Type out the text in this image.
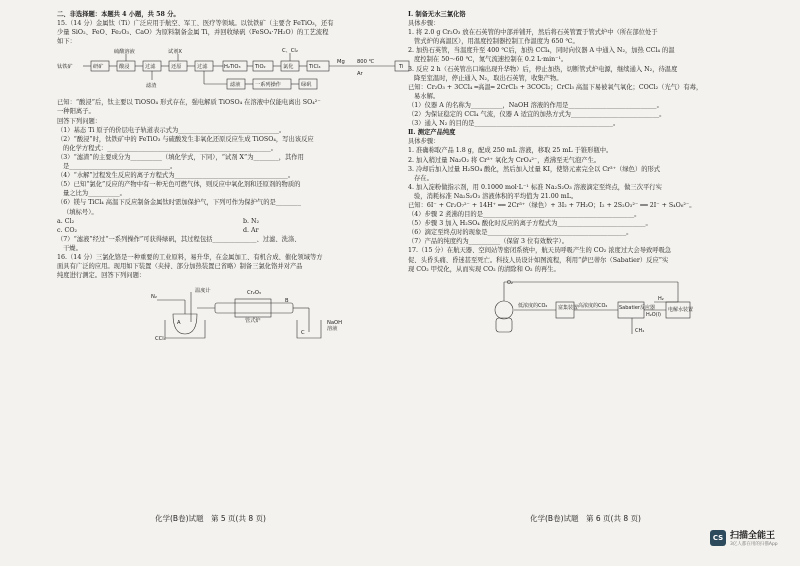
二、非选择题：本题共 4 小题，共 58 分。
15.（14 分）金属钛（Ti）广泛应用于航空、军工、医疗等领域。以钛铁矿（主要含 FeTiO₃，还有
少量 SiO₂、FeO、Fe₂O₃、CaO）为原料制备金属 Ti，并回收绿矾（FeSO₄·7H₂O）的工艺流程
如下：
钛铁矿	研矿
硫酸溶液
酸浸	过滤
滤渣
试剂X
还原	过滤	H₂TiO₃	TiO₂	氯化
C、Cl₂
TiCl₄
Mg 800 ℃
Ar
Ti
滤液	一系列操作	绿矾
已知：“酸浸”后，钛主要以 TiOSO₄ 形式存在，强电解质 TiOSO₄ 在溶液中仅能电离出 SO₄²⁻
一种阳离子。
回答下列问题：
（1）基态 Ti 原子的价层电子轨道表示式为________________________________。
（2）“酸浸”时，钛铁矿中的 FeTiO₃ 与硫酸发生非氧化还原反应生成 TiOSO₄，写出该反应
的化学方程式：____________________________________________________。
（3）“滤渣”的主要成分为__________（填化学式，下同），“试剂 X”为________，其作用
是________________________________。
（4）“水解”过程发生反应的离子方程式为____________________________________。
（5）已知“氯化”反应的产物中有一种无色可燃气体，则反应中氧化剂和还原剂的物质的
量之比为__________。
（6）镁与 TiCl₄ 高温下反应制备金属钛时需加保护气，下列可作为保护气的是________
（填标号）。
a. Cl₂	b. N₂
c. CO₂	d. Ar
（7）“滤液”经过“一系列操作”可获得绿矾，其过程包括______________、过滤、洗涤、
干燥。
16.（14 分）三氯化铬是一种重要的工业原料，易升华，在金属加工、有机合成、催化领域等方
面具有广泛的应用。现用如下装置（夹持、部分加热装置已省略）制备三氯化铬并对产品
纯度进行测定。回答下列问题：
N₂
温度计	Cr₂O₃
A
B
C
管式炉	NaOH
溶液
CCl₄
Ⅰ. 制备无水三氯化铬
具体步骤：
1. 将 2.0 g Cr₂O₃ 放在石英管的中部并铺开，然后将石英管置于管式炉中（所在部位处于
管式炉的高温区），用温度控制器控制工作温度为 650 ℃。
2. 加热石英管，当温度升至 400 ℃后，加热 CCl₄，同时向仪器 A 中通入 N₂，加热 CCl₄ 的温
度控制在 50～60 ℃，氮气流速控制在 0.2 L·min⁻¹。
3. 反应 2 h（石英管出口端出现升华物）后，停止加热，切断管式炉电源，继续通入 N₂，待温度
降至室温时，停止通入 N₂，取出石英管，收集产物。
已知：Cr₂O₃ + 3CCl₄ ═高温═ 2CrCl₃ + 3COCl₂；CrCl₃ 高温下易被氧气氧化；COCl₂（光气）有毒，
易水解。
（1）仪器 A 的名称为__________，NaOH 溶液的作用是____________________________。
（2）为保证稳定的 CCl₄ 气流，仪器 A 适宜的加热方式为____________________________。
（3）通入 N₂ 的目的是____________________________________________。
Ⅱ. 测定产品纯度
具体步骤：
1. 准确称取产品 1.8 g，配成 250 mL 溶液，移取 25 mL 于锥形瓶中。
2. 加入稍过量 Na₂O₂ 将 Cr³⁺ 氧化为 CrO₄²⁻，煮沸至无气泡产生。
3. 冷却后加入过量 H₂SO₄ 酸化，然后加入过量 KI，使铬元素完全以 Cr³⁺（绿色）的形式
存在。
4. 加入淀粉做指示剂，用 0.1000 mol·L⁻¹ 标准 Na₂S₂O₃ 溶液滴定至终点，做三次平行实
验，消耗标准 Na₂S₂O₃ 溶液体积的平均值为 21.00 mL。
已知：6I⁻ + Cr₂O₇²⁻ + 14H⁺ ══ 2Cr³⁺（绿色）+ 3I₂ + 7H₂O；I₂ + 2S₂O₃²⁻ ══ 2I⁻ + S₄O₆²⁻。
（4）步骤 2 煮沸的目的是________________________________________________。
（5）步骤 3 加入 H₂SO₄ 酸化时反应的离子方程式为____________________________。
（6）滴定至终点时的现象是____________________________________________。
（7）产品的纯度约为__________（保留 3 位有效数字）。
17.（15 分）在航天器、空间站等密闭系统中，航天员呼吸产生的 CO₂ 浓度过大会导致呼吸急
促、头昏头痛、昏迷甚至死亡。科技人员设计如图流程，利用“萨巴蒂尔（Sabatier）反应”实
现 CO₂ 甲烷化，从而实现 CO₂ 的清除和 O₂ 的再生。
O₂
低浓度的CO₂ 富集装置 高浓度的CO₂ Sabatier反应器
H₂
H₂O(l)
电解水装置
CH₄
化学(B卷)试题　第 5 页(共 8 页)	化学(B卷)试题　第 6 页(共 8 页)
CS 扫描全能王
3亿人都在用的扫描App
